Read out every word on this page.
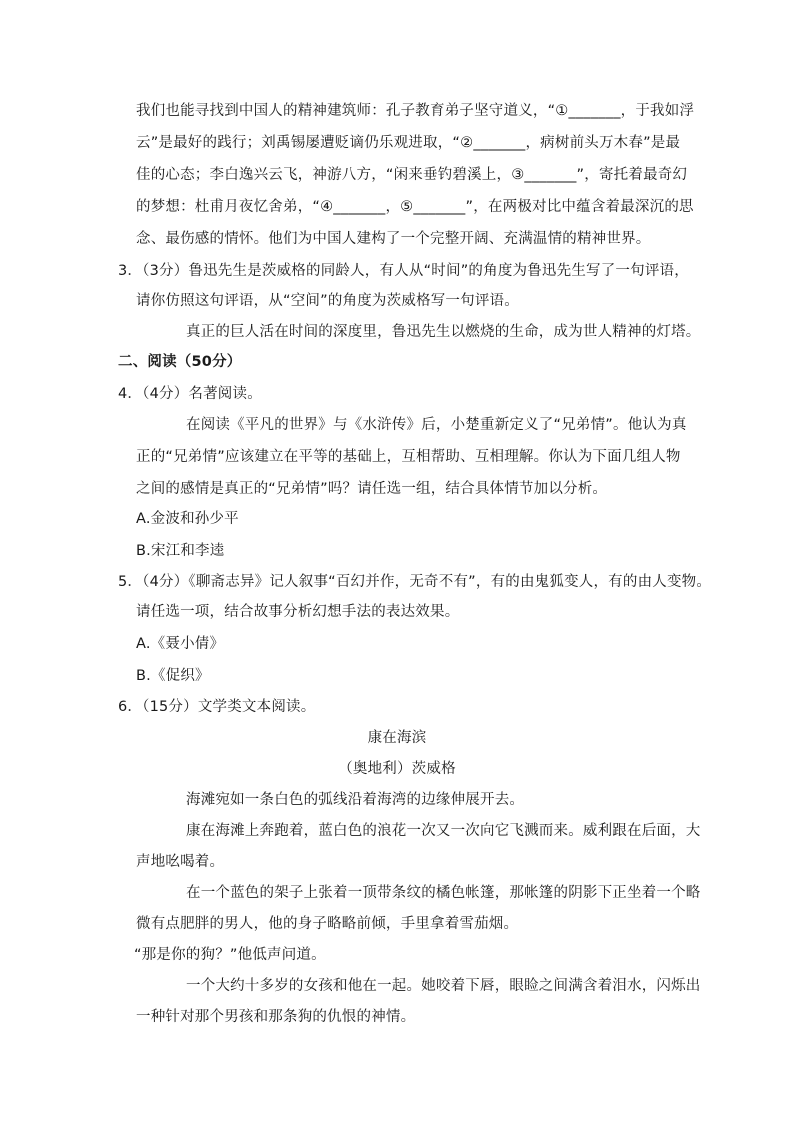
我们也能寻找到中国人的精神建筑师：孔子教育弟子坚守道义，“①_______，于我如浮
云”是最好的践行；刘禹锡屡遭贬谪仍乐观进取，“②_______，病树前头万木春”是最
佳的心态；李白逸兴云飞，神游八方，“闲来垂钓碧溪上，③_______”，寄托着最奇幻
的梦想：杜甫月夜忆舍弟，“④_______，⑤_______”，在两极对比中蕴含着最深沉的思
念、最伤感的情怀。他们为中国人建构了一个完整开阔、充满温情的精神世界。
3．（3分）鲁迅先生是茨威格的同龄人，有人从“时间”的角度为鲁迅先生写了一句评语，
请你仿照这句评语，从“空间”的角度为茨威格写一句评语。
真正的巨人活在时间的深度里，鲁迅先生以燃烧的生命，成为世人精神的灯塔。
二、阅读（50分）
4．（4分）名著阅读。
在阅读《平凡的世界》与《水浒传》后，小楚重新定义了“兄弟情”。他认为真
正的“兄弟情”应该建立在平等的基础上，互相帮助、互相理解。你认为下面几组人物
之间的感情是真正的“兄弟情”吗？请任选一组，结合具体情节加以分析。
A.金波和孙少平
B.宋江和李逵
5．（4分）《聊斋志异》记人叙事“百幻并作，无奇不有”，有的由鬼狐变人，有的由人变物。
请任选一项，结合故事分析幻想手法的表达效果。
A.《聂小倩》
B.《促织》
6．（15分）文学类文本阅读。
康在海滨
（奥地利）茨威格
海滩宛如一条白色的弧线沿着海湾的边缘伸展开去。
康在海滩上奔跑着，蓝白色的浪花一次又一次向它飞溅而来。威利跟在后面，大
声地吆喝着。
在一个蓝色的架子上张着一顶带条纹的橘色帐篷，那帐篷的阴影下正坐着一个略
微有点肥胖的男人，他的身子略略前倾，手里拿着雪茄烟。
“那是你的狗？”他低声问道。
一个大约十多岁的女孩和他在一起。她咬着下唇，眼睑之间满含着泪水，闪烁出
一种针对那个男孩和那条狗的仇恨的神情。
